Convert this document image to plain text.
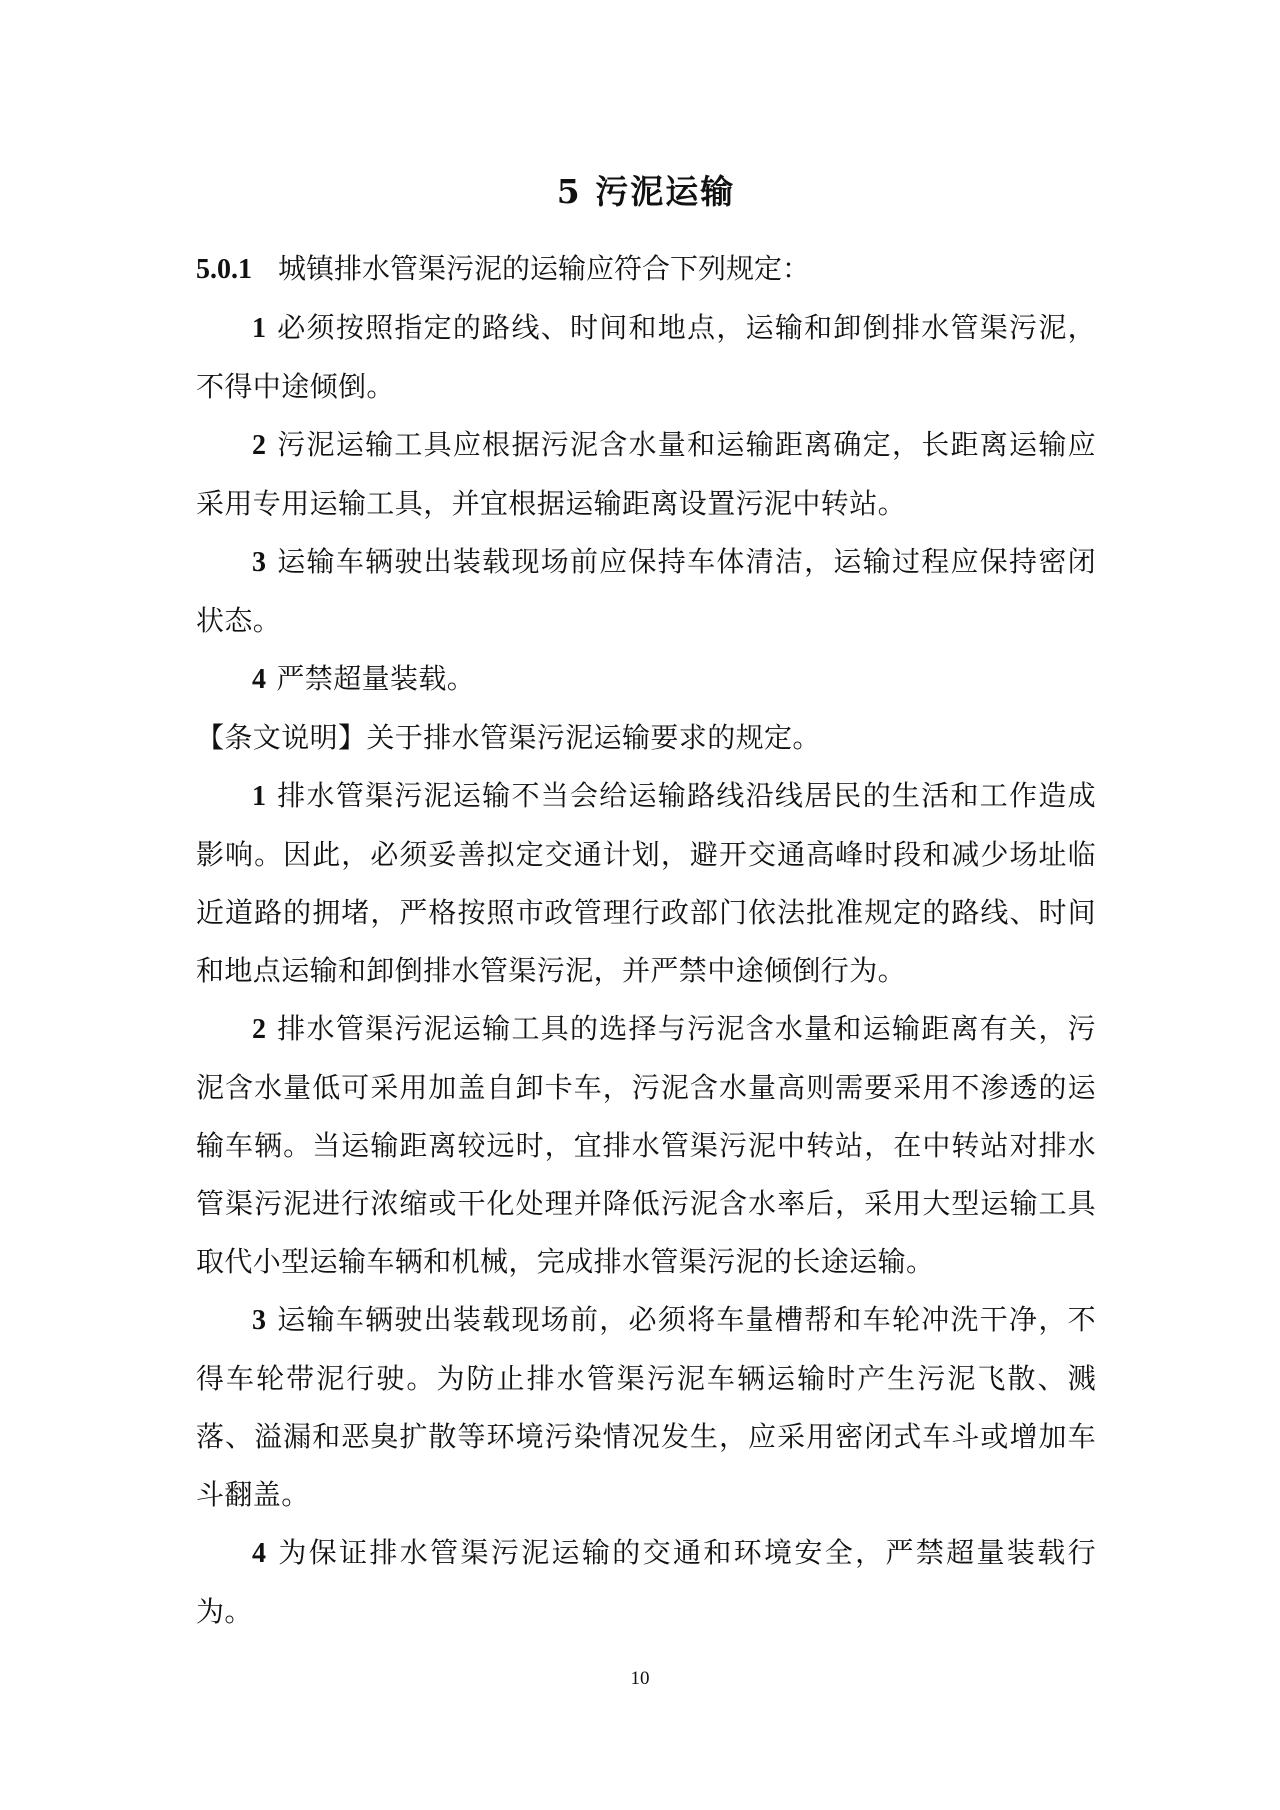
5 污泥运输
5.0.1 城镇排水管渠污泥的运输应符合下列规定：

1 必须按照指定的路线、时间和地点，运输和卸倒排水管渠污泥，不得中途倾倒。

2 污泥运输工具应根据污泥含水量和运输距离确定，长距离运输应采用专用运输工具，并宜根据运输距离设置污泥中转站。

3 运输车辆驶出装载现场前应保持车体清洁，运输过程应保持密闭状态。

4 严禁超量装载。

【条文说明】关于排水管渠污泥运输要求的规定。

1 排水管渠污泥运输不当会给运输路线沿线居民的生活和工作造成影响。因此，必须妥善拟定交通计划，避开交通高峰时段和减少场址临近道路的拥堵，严格按照市政管理行政部门依法批准规定的路线、时间和地点运输和卸倒排水管渠污泥，并严禁中途倾倒行为。

2 排水管渠污泥运输工具的选择与污泥含水量和运输距离有关，污泥含水量低可采用加盖自卸卡车，污泥含水量高则需要采用不渗透的运输车辆。当运输距离较远时，宜排水管渠污泥中转站，在中转站对排水管渠污泥进行浓缩或干化处理并降低污泥含水率后，采用大型运输工具取代小型运输车辆和机械，完成排水管渠污泥的长途运输。

3 运输车辆驶出装载现场前，必须将车量槽帮和车轮冲洗干净，不得车轮带泥行驶。为防止排水管渠污泥车辆运输时产生污泥飞散、溅落、溢漏和恶臭扩散等环境污染情况发生，应采用密闭式车斗或增加车斗翻盖。

4 为保证排水管渠污泥运输的交通和环境安全，严禁超量装载行为。

10
